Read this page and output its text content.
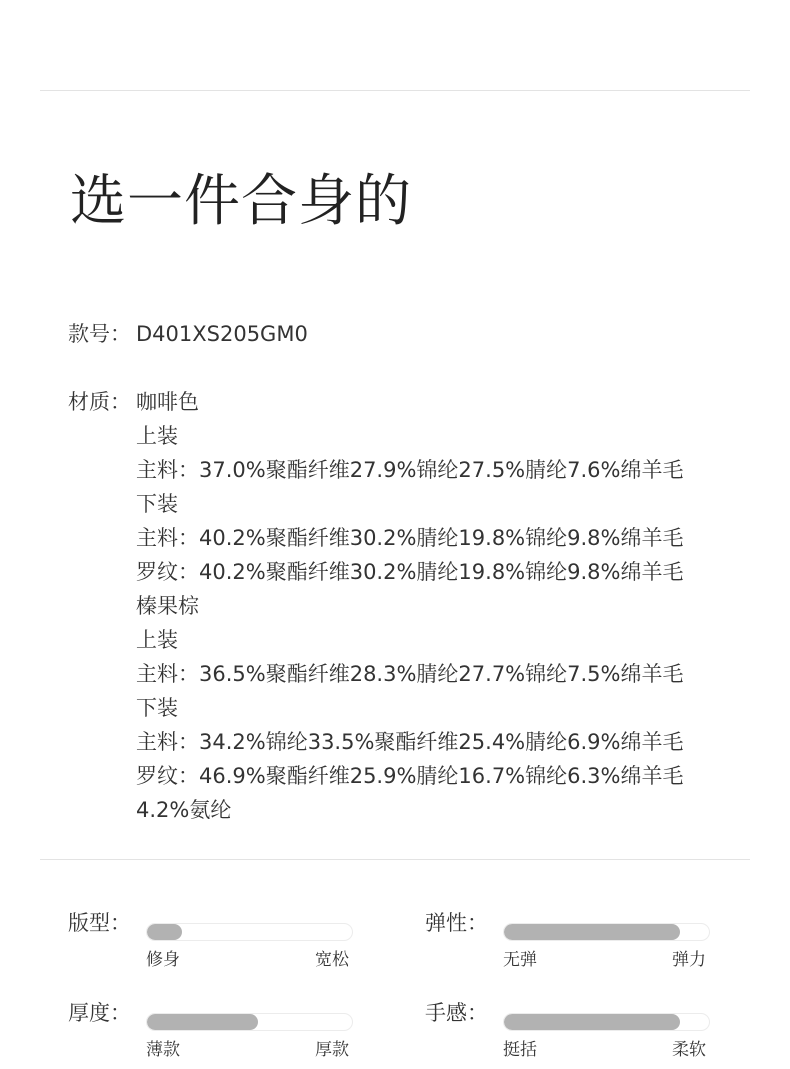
选一件合身的
款号： D401XS205GM0
材质： 咖啡色
上装
主料：37.0%聚酯纤维27.9%锦纶27.5%腈纶7.6%绵羊毛
下装
主料：40.2%聚酯纤维30.2%腈纶19.8%锦纶9.8%绵羊毛
罗纹：40.2%聚酯纤维30.2%腈纶19.8%锦纶9.8%绵羊毛
榛果棕
上装
主料：36.5%聚酯纤维28.3%腈纶27.7%锦纶7.5%绵羊毛
下装
主料：34.2%锦纶33.5%聚酯纤维25.4%腈纶6.9%绵羊毛
罗纹：46.9%聚酯纤维25.9%腈纶16.7%锦纶6.3%绵羊毛
4.2%氨纶
版型：
修身	宽松
弹性：
无弹	弹力
厚度：
薄款	厚款
手感：
挺括	柔软
